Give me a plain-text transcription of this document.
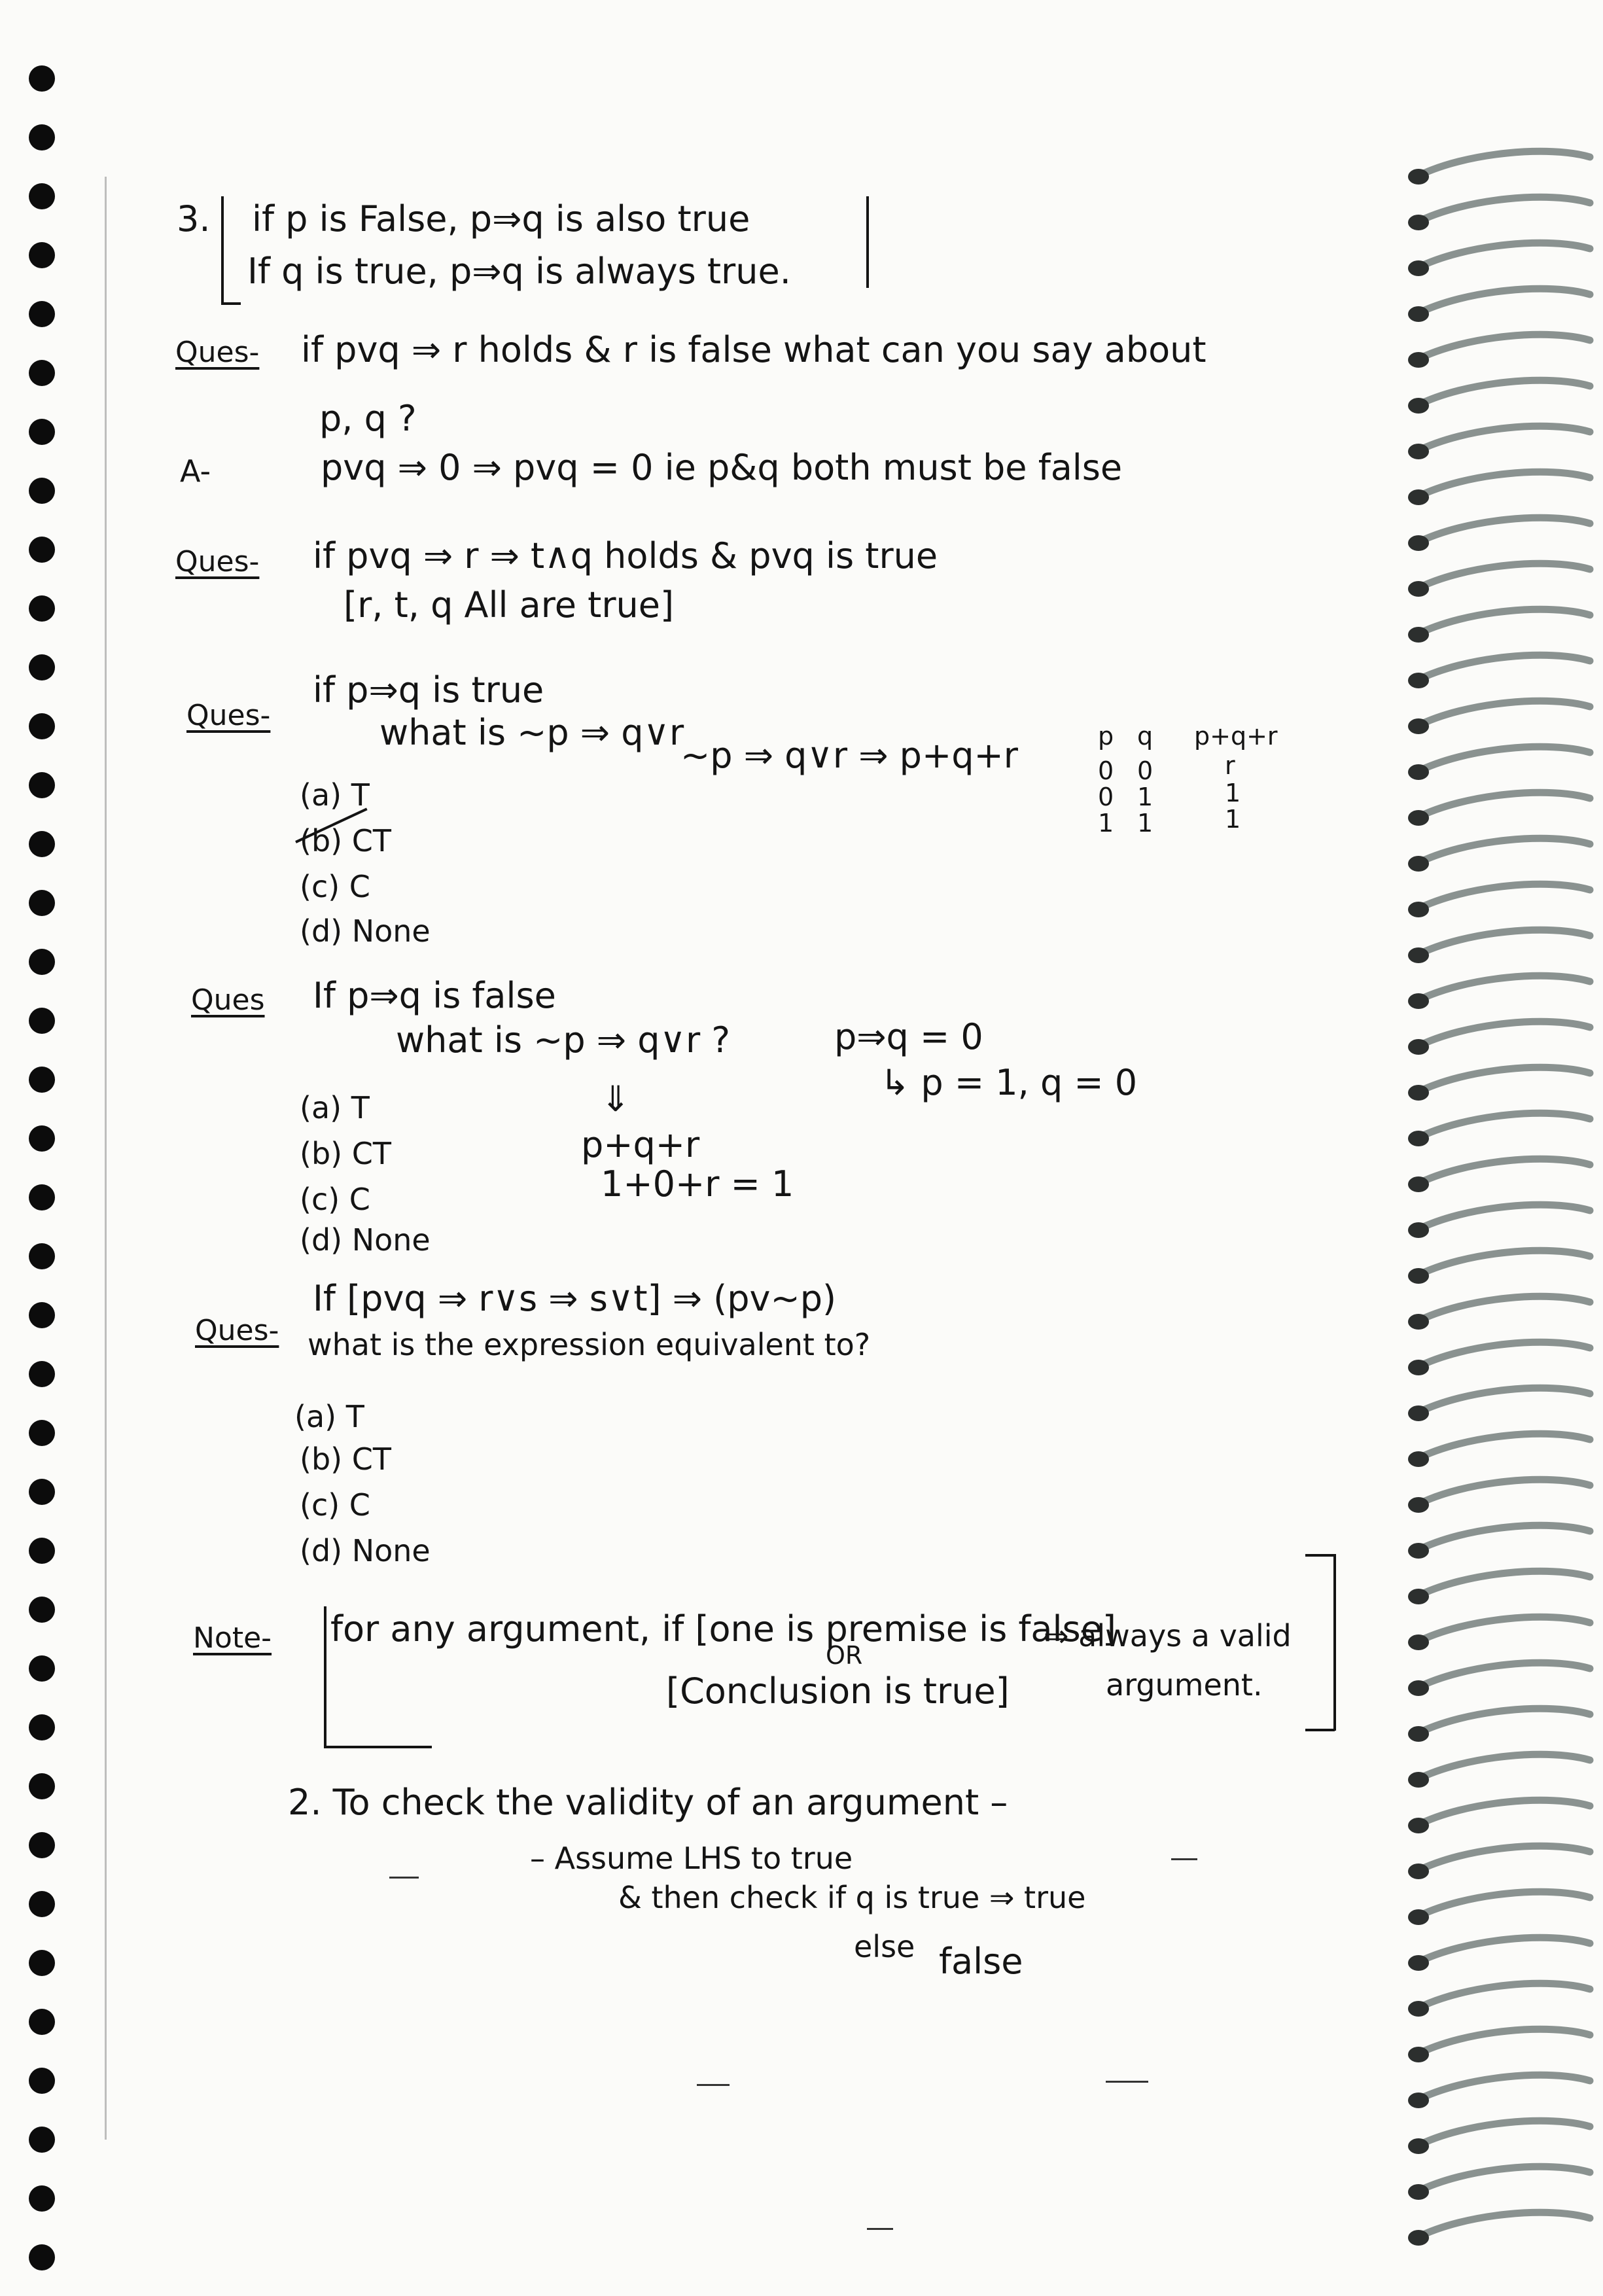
3. if p is False, p⇒q is also true
If q is true, p⇒q is always true.
Ques- if pvq ⇒ r holds & r is false what can you say about
p, q ?
A-	pvq ⇒ 0 ⇒ pvq = 0 ie p&q both must be false
Ques- if pvq ⇒ r ⇒ t∧q holds & pvq is true
[r, t, q All are true]
Ques-
if p⇒q is true
what is ~p ⇒ q∨r
~p ⇒ q∨r ⇒ p+q+r
(a) T
(b) CT
(c) C
(d) None
p q p+q+r
0 0	r
0 1	1
1 1	1
Ques If p⇒q is false
what is ~p ⇒ q∨r ?	p⇒q = 0
↳ p = 1, q = 0
⇓
p+q+r
1+0+r = 1
(a) T
(b) CT
(c) C
(d) None
Ques-
If [pvq ⇒ r∨s ⇒ s∨t] ⇒ (pv~p)
what is the expression equivalent to?
(a) T
(b) CT
(c) C
(d) None
Note- for any argument, if [one is premise is false]
OR
[Conclusion is true]
⇒ always a valid
argument.
2. To check the validity of an argument –
– Assume LHS to true
& then check if q is true ⇒ true
else false
